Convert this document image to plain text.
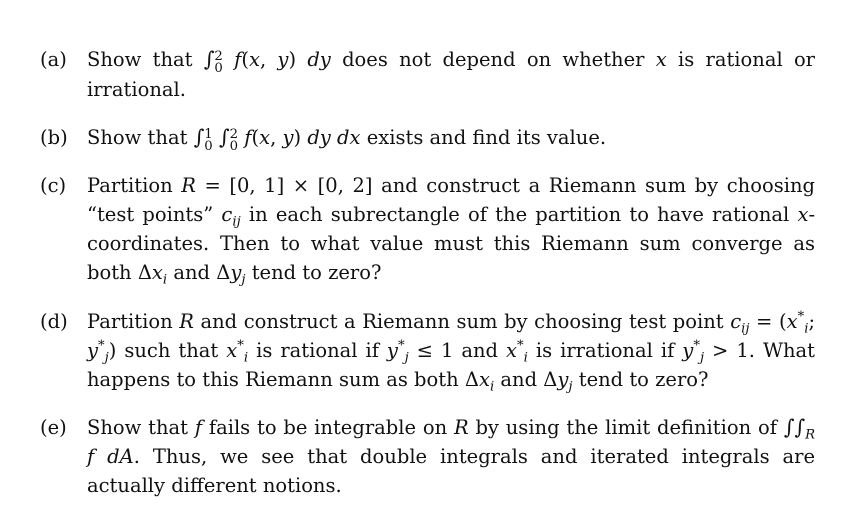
(a)	Show that ∫ 2
0 f(x, y) dy does not depend on whether x is rational or irrational.
(b) Show that ∫ 1
0 ∫ 2
0 f(x, y) dy dx exists and find its value.
(c)	Partition R = [0, 1] × [0, 2] and construct a Riemann sum by choosing “test points” $c_{ij}$ in each subrectangle of the partition to have rational x-coordinates. Then to what value must this Riemann sum converge as both $\Delta x_i$ and $\Delta y_j$ tend to zero?
(d) Partition R and construct a Riemann sum by choosing test point $c_{ij} = (x^*_i$; $y^*_j$) such that $x^*_i$ is rational if $y^*_j \le 1$ and $x^*_i$ is irrational if $y^*_j > 1$. What happens to this Riemann sum as both $\Delta x_i$ and $\Delta y_j$ tend to zero?
(e)	Show that f fails to be integrable on R by using the limit definition of $\int\int_R$ f dA. Thus, we see that double integrals and iterated integrals are actually different notions.
